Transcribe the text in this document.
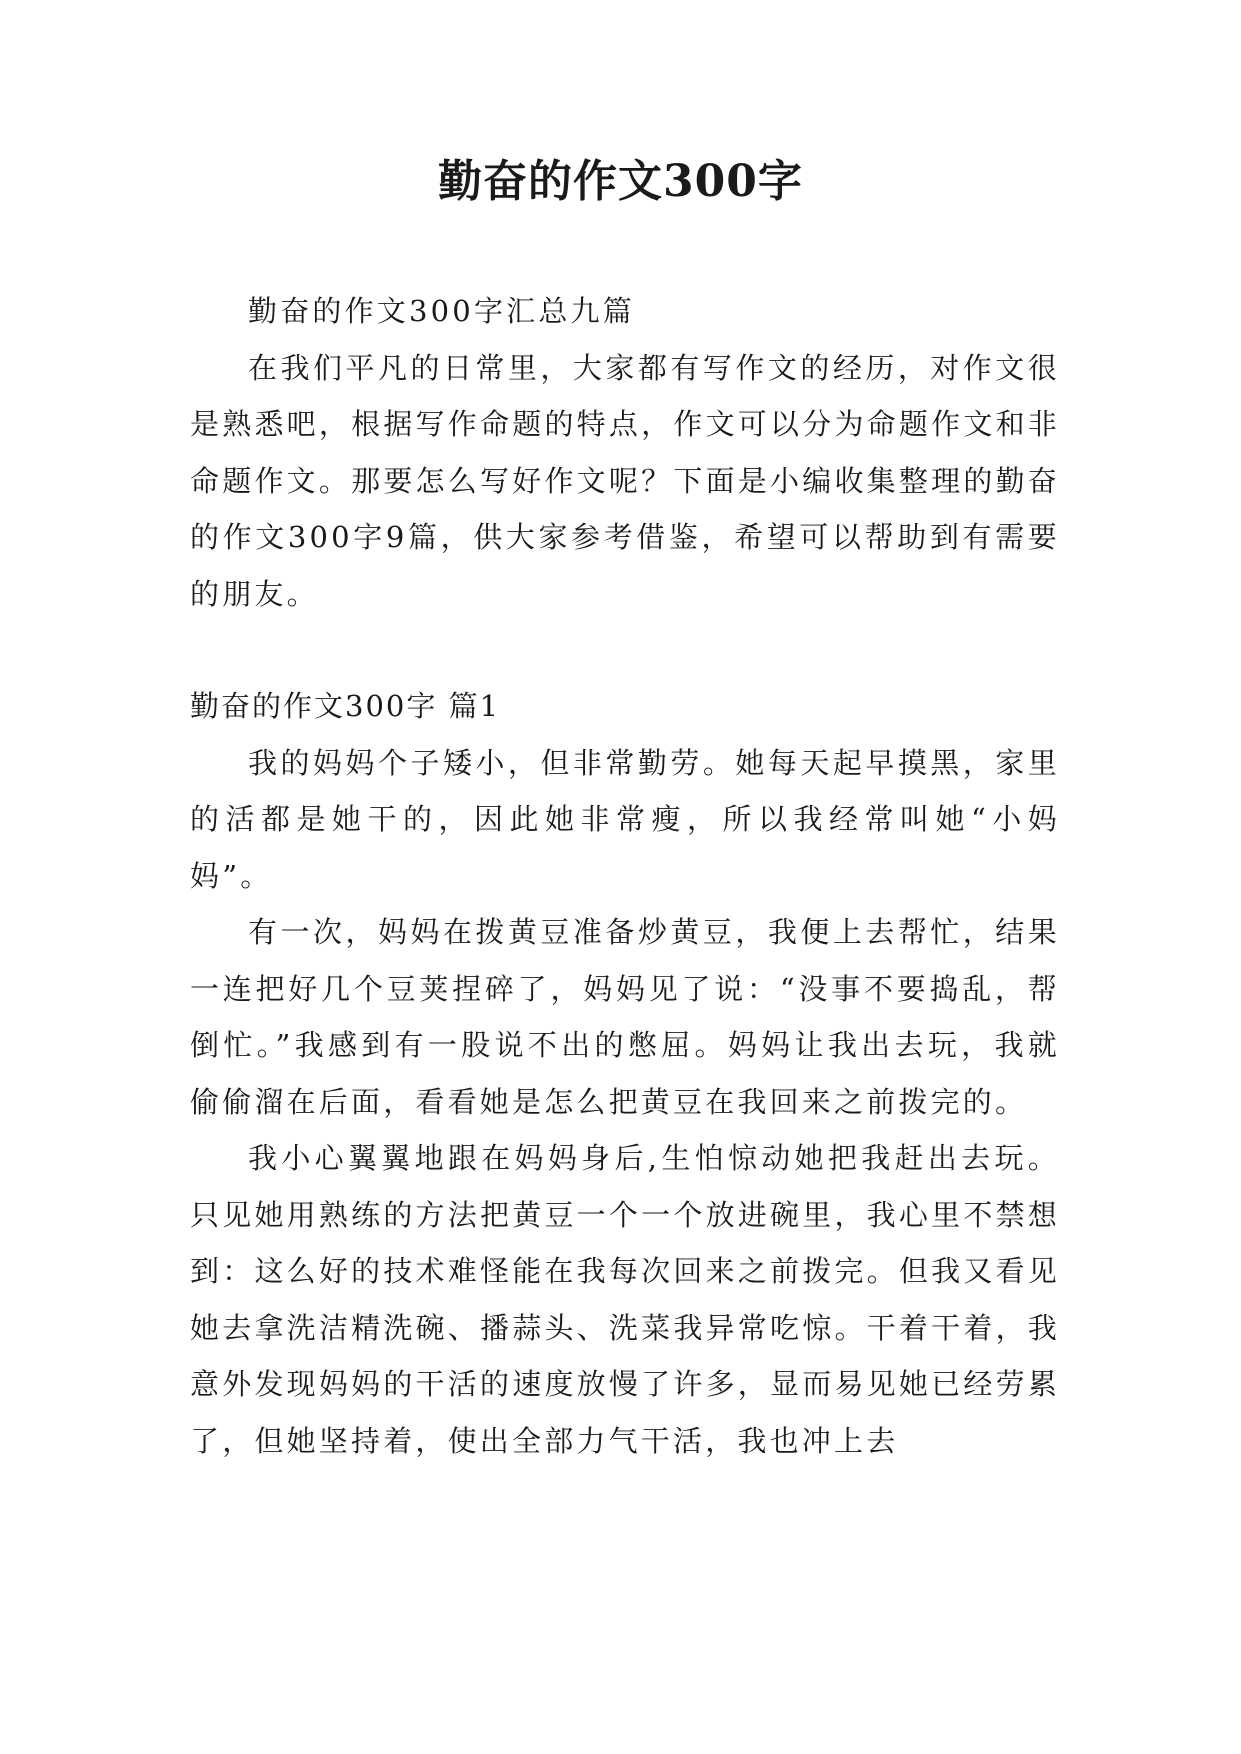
勤奋的作文300字

勤奋的作文300字汇总九篇

在我们平凡的日常里，大家都有写作文的经历，对作文很是熟悉吧，根据写作命题的特点，作文可以分为命题作文和非命题作文。那要怎么写好作文呢？下面是小编收集整理的勤奋的作文300字9篇，供大家参考借鉴，希望可以帮助到有需要的朋友。

勤奋的作文300字 篇1

我的妈妈个子矮小，但非常勤劳。她每天起早摸黑，家里的活都是她干的，因此她非常瘦，所以我经常叫她“小妈妈”。

有一次，妈妈在拨黄豆准备炒黄豆，我便上去帮忙，结果一连把好几个豆荚捏碎了，妈妈见了说：“没事不要捣乱，帮倒忙。”我感到有一股说不出的憋屈。妈妈让我出去玩，我就偷偷溜在后面，看看她是怎么把黄豆在我回来之前拨完的。

我小心翼翼地跟在妈妈身后,生怕惊动她把我赶出去玩。只见她用熟练的方法把黄豆一个一个放进碗里，我心里不禁想到：这么好的技术难怪能在我每次回来之前拨完。但我又看见她去拿洗洁精洗碗、播蒜头、洗菜我异常吃惊。干着干着，我意外发现妈妈的干活的速度放慢了许多，显而易见她已经劳累了，但她坚持着，使出全部力气干活，我也冲上去
